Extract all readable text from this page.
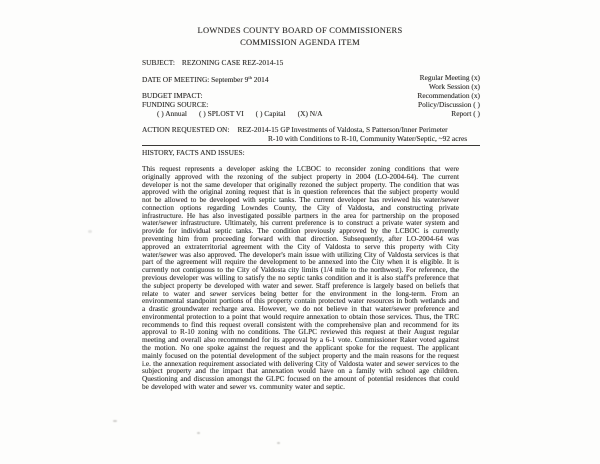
LOWNDES COUNTY BOARD OF COMMISSIONERS
COMMISSION AGENDA ITEM
SUBJECT: REZONING CASE REZ-2014-15
DATE OF MEETING: September 9th 2014
BUDGET IMPACT:
FUNDING SOURCE:
( ) Annual ( ) SPLOST VI ( ) Capital (X) N/A
Regular Meeting (x)
Work Session (x)
Recommendation (x)
Policy/Discussion ( )
Report ( )
ACTION REQUESTED ON: REZ-2014-15 GP Investments of Valdosta, S Patterson/Inner Perimeter
R-10 with Conditions to R-10, Community Water/Septic, ~92 acres
HISTORY, FACTS AND ISSUES:
This request represents a developer asking the LCBOC to reconsider zoning conditions that were originally approved with the rezoning of the subject property in 2004 (LO-2004-64). The current developer is not the same developer that originally rezoned the subject property. The condition that was approved with the original zoning request that is in question references that the subject property would not be allowed to be developed with septic tanks. The current developer has reviewed his water/sewer connection options regarding Lowndes County, the City of Valdosta, and constructing private infrastructure. He has also investigated possible partners in the area for partnership on the proposed water/sewer infrastructure. Ultimately, his current preference is to construct a private water system and provide for individual septic tanks. The condition previously approved by the LCBOC is currently preventing him from proceeding forward with that direction. Subsequently, after LO-2004-64 was approved an extraterritorial agreement with the City of Valdosta to serve this property with City water/sewer was also approved. The developer's main issue with utilizing City of Valdosta services is that part of the agreement will require the development to be annexed into the City when it is eligible. It is currently not contiguous to the City of Valdosta city limits (1/4 mile to the northwest). For reference, the previous developer was willing to satisfy the no septic tanks condition and it is also staff's preference that the subject property be developed with water and sewer. Staff preference is largely based on beliefs that relate to water and sewer services being better for the environment in the long-term. From an environmental standpoint portions of this property contain protected water resources in both wetlands and a drastic groundwater recharge area. However, we do not believe in that water/sewer preference and environmental protection to a point that would require annexation to obtain those services. Thus, the TRC recommends to find this request overall consistent with the comprehensive plan and recommend for its approval to R-10 zoning with no conditions. The GLPC reviewed this request at their August regular meeting and overall also recommended for its approval by a 6-1 vote. Commissioner Raker voted against the motion. No one spoke against the request and the applicant spoke for the request. The applicant mainly focused on the potential development of the subject property and the main reasons for the request i.e. the annexation requirement associated with delivering City of Valdosta water and sewer services to the subject property and the impact that annexation would have on a family with school age children. Questioning and discussion amongst the GLPC focused on the amount of potential residences that could be developed with water and sewer vs. community water and septic.
